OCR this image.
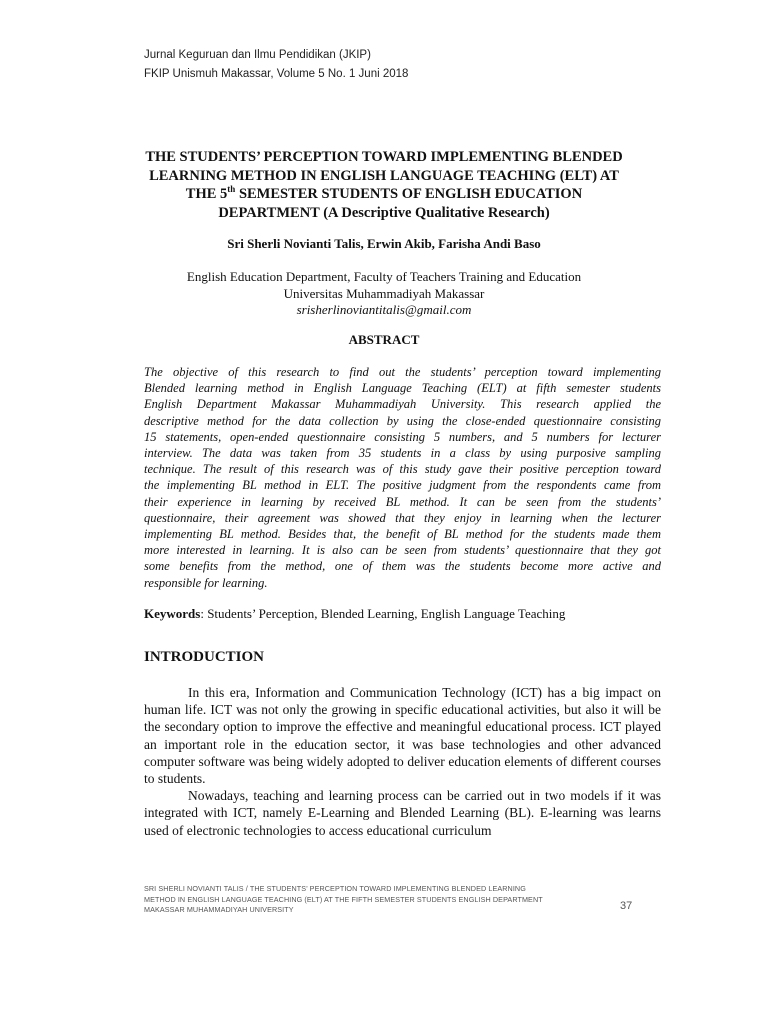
Jurnal Keguruan dan Ilmu Pendidikan (JKIP)
FKIP Unismuh Makassar, Volume 5 No. 1 Juni 2018
THE STUDENTS’ PERCEPTION TOWARD IMPLEMENTING BLENDED
LEARNING METHOD IN ENGLISH LANGUAGE TEACHING (ELT) AT
THE 5th SEMESTER STUDENTS OF ENGLISH EDUCATION
DEPARTMENT (A Descriptive Qualitative Research)
Sri Sherli Novianti Talis, Erwin Akib, Farisha Andi Baso
English Education Department, Faculty of Teachers Training and Education
Universitas Muhammadiyah Makassar
srisherlinoviantitalis@gmail.com
ABSTRACT
The objective of this research to find out the students’ perception toward implementing
Blended learning method in English Language Teaching (ELT) at fifth semester students
English Department Makassar Muhammadiyah University. This research applied the
descriptive method for the data collection by using the close-ended questionnaire consisting
15 statements, open-ended questionnaire consisting 5 numbers, and 5 numbers for lecturer
interview. The data was taken from 35 students in a class by using purposive sampling
technique. The result of this research was of this study gave their positive perception toward
the implementing BL method in ELT. The positive judgment from the respondents came from
their experience in learning by received BL method. It can be seen from the students’
questionnaire, their agreement was showed that they enjoy in learning when the lecturer
implementing BL method. Besides that, the benefit of BL method for the students made them
more interested in learning. It is also can be seen from students’ questionnaire that they got
some benefits from the method, one of them was the students become more active and
responsible for learning.
Keywords: Students’ Perception, Blended Learning, English Language Teaching
INTRODUCTION

In this era, Information and Communication Technology (ICT) has a big impact on human life. ICT was not only the growing in specific educational activities, but also it will be the secondary option to improve the effective and meaningful educational process. ICT played an important role in the education sector, it was base technologies and other advanced computer software was being widely adopted to deliver education elements of different courses to students.

Nowadays, teaching and learning process can be carried out in two models if it was integrated with ICT, namely E-Learning and Blended Learning (BL). E-learning was learns used of electronic technologies to access educational curriculum

SRI SHERLI NOVIANTI TALIS / THE STUDENTS’ PERCEPTION TOWARD IMPLEMENTING BLENDED LEARNING
METHOD IN ENGLISH LANGUAGE TEACHING (ELT) AT THE FIFTH SEMESTER STUDENTS ENGLISH DEPARTMENT
MAKASSAR MUHAMMADIYAH UNIVERSITY	37
